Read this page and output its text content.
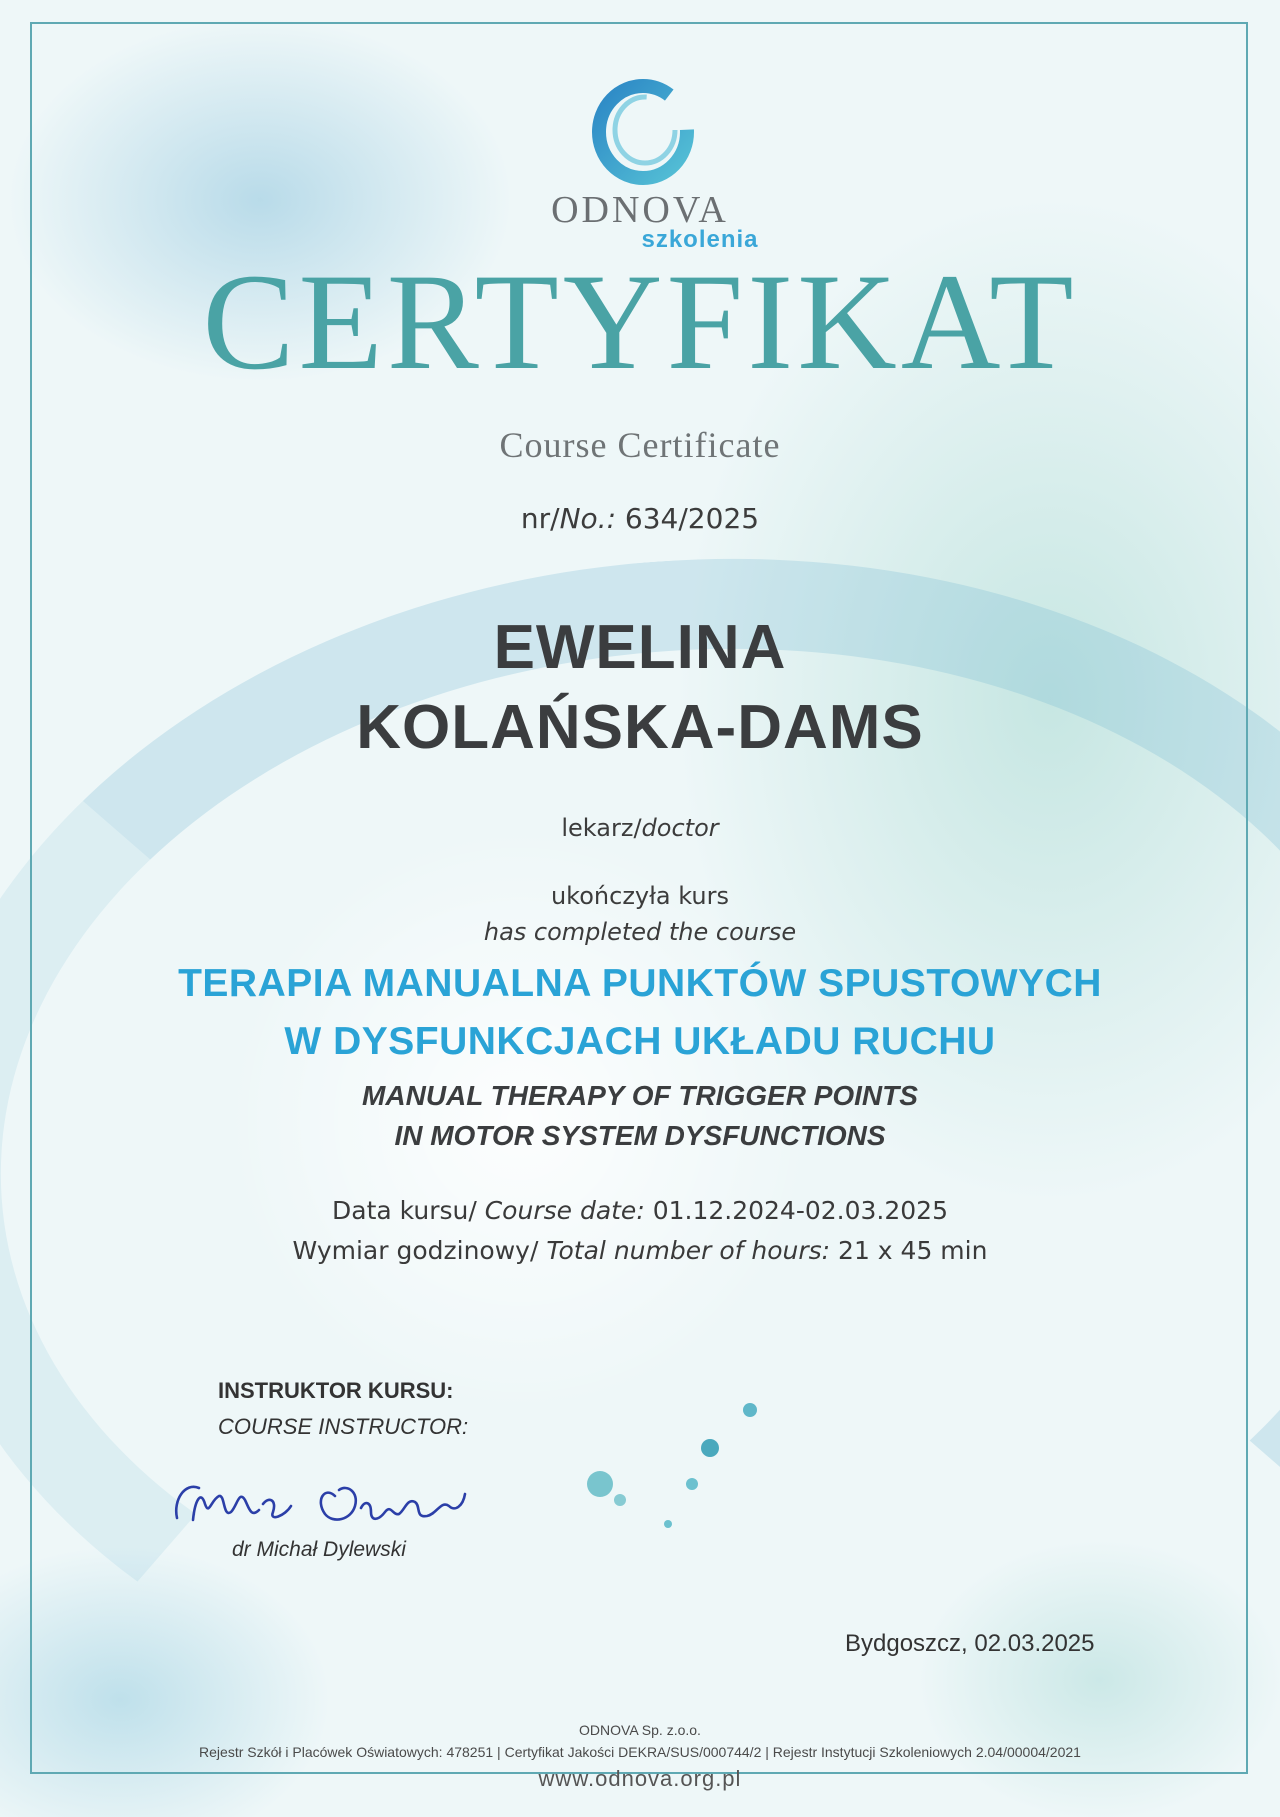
ODNOVA
szkolenia
CERTYFIKAT
Course Certificate
nr/No.: 634/2025
EWELINA
KOLAŃSKA-DAMS
lekarz/doctor
ukończyła kurs
has completed the course
TERAPIA MANUALNA PUNKTÓW SPUSTOWYCH
W DYSFUNKCJACH UKŁADU RUCHU
MANUAL THERAPY OF TRIGGER POINTS
IN MOTOR SYSTEM DYSFUNCTIONS
Data kursu/ Course date: 01.12.2024-02.03.2025
Wymiar godzinowy/ Total number of hours: 21 x 45 min
INSTRUKTOR KURSU:
COURSE INSTRUCTOR:
dr Michał Dylewski
Bydgoszcz, 02.03.2025
ODNOVA Sp. z.o.o.
Rejestr Szkół i Placówek Oświatowych: 478251 | Certyfikat Jakości DEKRA/SUS/000744/2 | Rejestr Instytucji Szkoleniowych 2.04/00004/2021
www.odnova.org.pl
